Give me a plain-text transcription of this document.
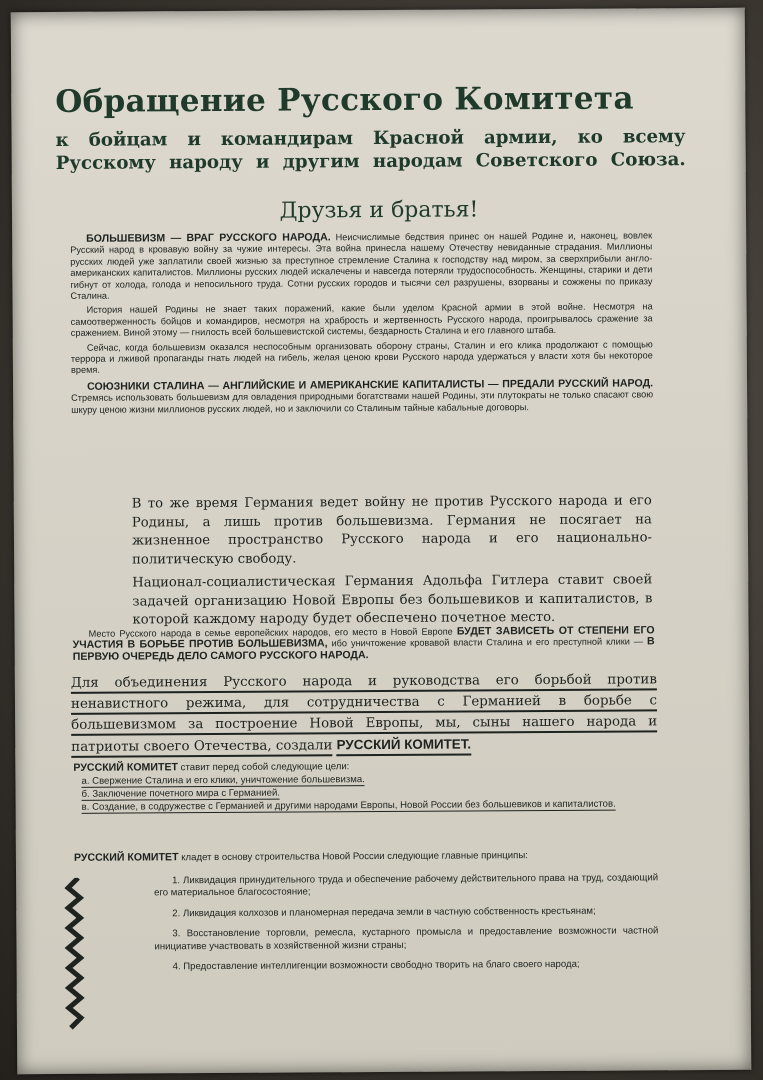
Обращение Русского Комитета
к бойцам и командирам Красной армии, ко всему
Русскому народу и другим народам Советского Союза.
Друзья и братья!

БОЛЬШЕВИЗМ — ВРАГ РУССКОГО НАРОДА. Неисчислимые бедствия принес он нашей Родине и, наконец, вовлек Русский народ в кровавую войну за чужие интересы. Эта война принесла нашему Отечеству невиданные страдания. Миллионы русских людей уже заплатили своей жизнью за преступное стремление Сталина к господству над миром, за сверхприбыли англо-американских капиталистов. Миллионы русских людей искалечены и навсегда потеряли трудоспособность. Женщины, старики и дети гибнут от холода, голода и непосильного труда. Сотни русских городов и тысячи сел разрушены, взорваны и сожжены по приказу Сталина.

История нашей Родины не знает таких поражений, какие были уделом Красной армии в этой войне. Несмотря на самоотверженность бойцов и командиров, несмотря на храбрость и жертвенность Русского народа, проигрывалось сражение за сражением. Виной этому — гнилость всей большевистской системы, бездарность Сталина и его главного штаба.

Сейчас, когда большевизм оказался неспособным организовать оборону страны, Сталин и его клика продолжают с помощью террора и лживой пропаганды гнать людей на гибель, желая ценою крови Русского народа удержаться у власти хотя бы некоторое время.

СОЮЗНИКИ СТАЛИНА — АНГЛИЙСКИЕ И АМЕРИКАНСКИЕ КАПИТАЛИСТЫ — ПРЕДАЛИ РУССКИЙ НАРОД. Стремясь использовать большевизм для овладения природными богатствами нашей Родины, эти плутократы не только спасают свою шкуру ценою жизни миллионов русских людей, но и заключили со Сталиным тайные кабальные договоры.

В то же время Германия ведет войну не против Русского народа и его Родины, а лишь против большевизма. Германия не посягает на жизненное пространство Русского народа и его национально-политическую свободу.

Национал-социалистическая Германия Адольфа Гитлера ставит своей задачей организацию Новой Европы без большевиков и капиталистов, в которой каждому народу будет обеспечено почетное место.

Место Русского народа в семье европейских народов, его место в Новой Европе БУДЕТ ЗАВИСЕТЬ ОТ СТЕПЕНИ ЕГО УЧАСТИЯ В БОРЬБЕ ПРОТИВ БОЛЬШЕВИЗМА, ибо уничтожение кровавой власти Сталина и его преступной клики — В ПЕРВУЮ ОЧЕРЕДЬ ДЕЛО САМОГО РУССКОГО НАРОДА.

Для объединения Русского народа и руководства его борьбой против ненавистного режима, для сотрудничества с Германией в борьбе с большевизмом за построение Новой Европы, мы, сыны нашего народа и патриоты своего Отечества, создали РУССКИЙ КОМИТЕТ.
РУССКИЙ КОМИТЕТ ставит перед собой следующие цели:
а. Свержение Сталина и его клики, уничтожение большевизма.
б. Заключение почетного мира с Германией.
в. Создание, в содружестве с Германией и другими народами Европы, Новой России без большевиков и капиталистов.
РУССКИЙ КОМИТЕТ кладет в основу строительства Новой России следующие главные принципы:
1. Ликвидация принудительного труда и обеспечение рабочему действительного права на труд, создающий его материальное благосостояние;
2. Ликвидация колхозов и планомерная передача земли в частную собственность крестьянам;
3. Восстановление торговли, ремесла, кустарного промысла и предоставление возможности частной инициативе участвовать в хозяйственной жизни страны;
4. Предоставление интеллигенции возможности свободно творить на благо своего народа;
